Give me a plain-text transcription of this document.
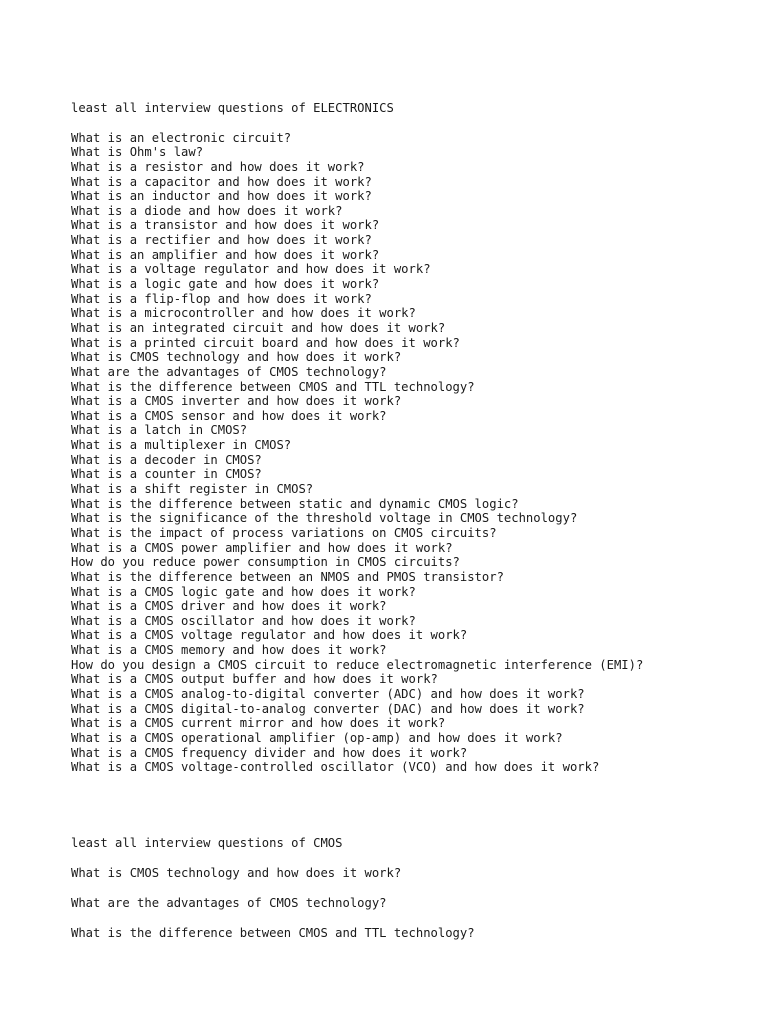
least all interview questions of ELECTRONICS
What is an electronic circuit?
What is Ohm's law?
What is a resistor and how does it work?
What is a capacitor and how does it work?
What is an inductor and how does it work?
What is a diode and how does it work?
What is a transistor and how does it work?
What is a rectifier and how does it work?
What is an amplifier and how does it work?
What is a voltage regulator and how does it work?
What is a logic gate and how does it work?
What is a flip-flop and how does it work?
What is a microcontroller and how does it work?
What is an integrated circuit and how does it work?
What is a printed circuit board and how does it work?
What is CMOS technology and how does it work?
What are the advantages of CMOS technology?
What is the difference between CMOS and TTL technology?
What is a CMOS inverter and how does it work?
What is a CMOS sensor and how does it work?
What is a latch in CMOS?
What is a multiplexer in CMOS?
What is a decoder in CMOS?
What is a counter in CMOS?
What is a shift register in CMOS?
What is the difference between static and dynamic CMOS logic?
What is the significance of the threshold voltage in CMOS technology?
What is the impact of process variations on CMOS circuits?
What is a CMOS power amplifier and how does it work?
How do you reduce power consumption in CMOS circuits?
What is the difference between an NMOS and PMOS transistor?
What is a CMOS logic gate and how does it work?
What is a CMOS driver and how does it work?
What is a CMOS oscillator and how does it work?
What is a CMOS voltage regulator and how does it work?
What is a CMOS memory and how does it work?
How do you design a CMOS circuit to reduce electromagnetic interference (EMI)?
What is a CMOS output buffer and how does it work?
What is a CMOS analog-to-digital converter (ADC) and how does it work?
What is a CMOS digital-to-analog converter (DAC) and how does it work?
What is a CMOS current mirror and how does it work?
What is a CMOS operational amplifier (op-amp) and how does it work?
What is a CMOS frequency divider and how does it work?
What is a CMOS voltage-controlled oscillator (VCO) and how does it work?
least all interview questions of CMOS
What is CMOS technology and how does it work?
What are the advantages of CMOS technology?
What is the difference between CMOS and TTL technology?
